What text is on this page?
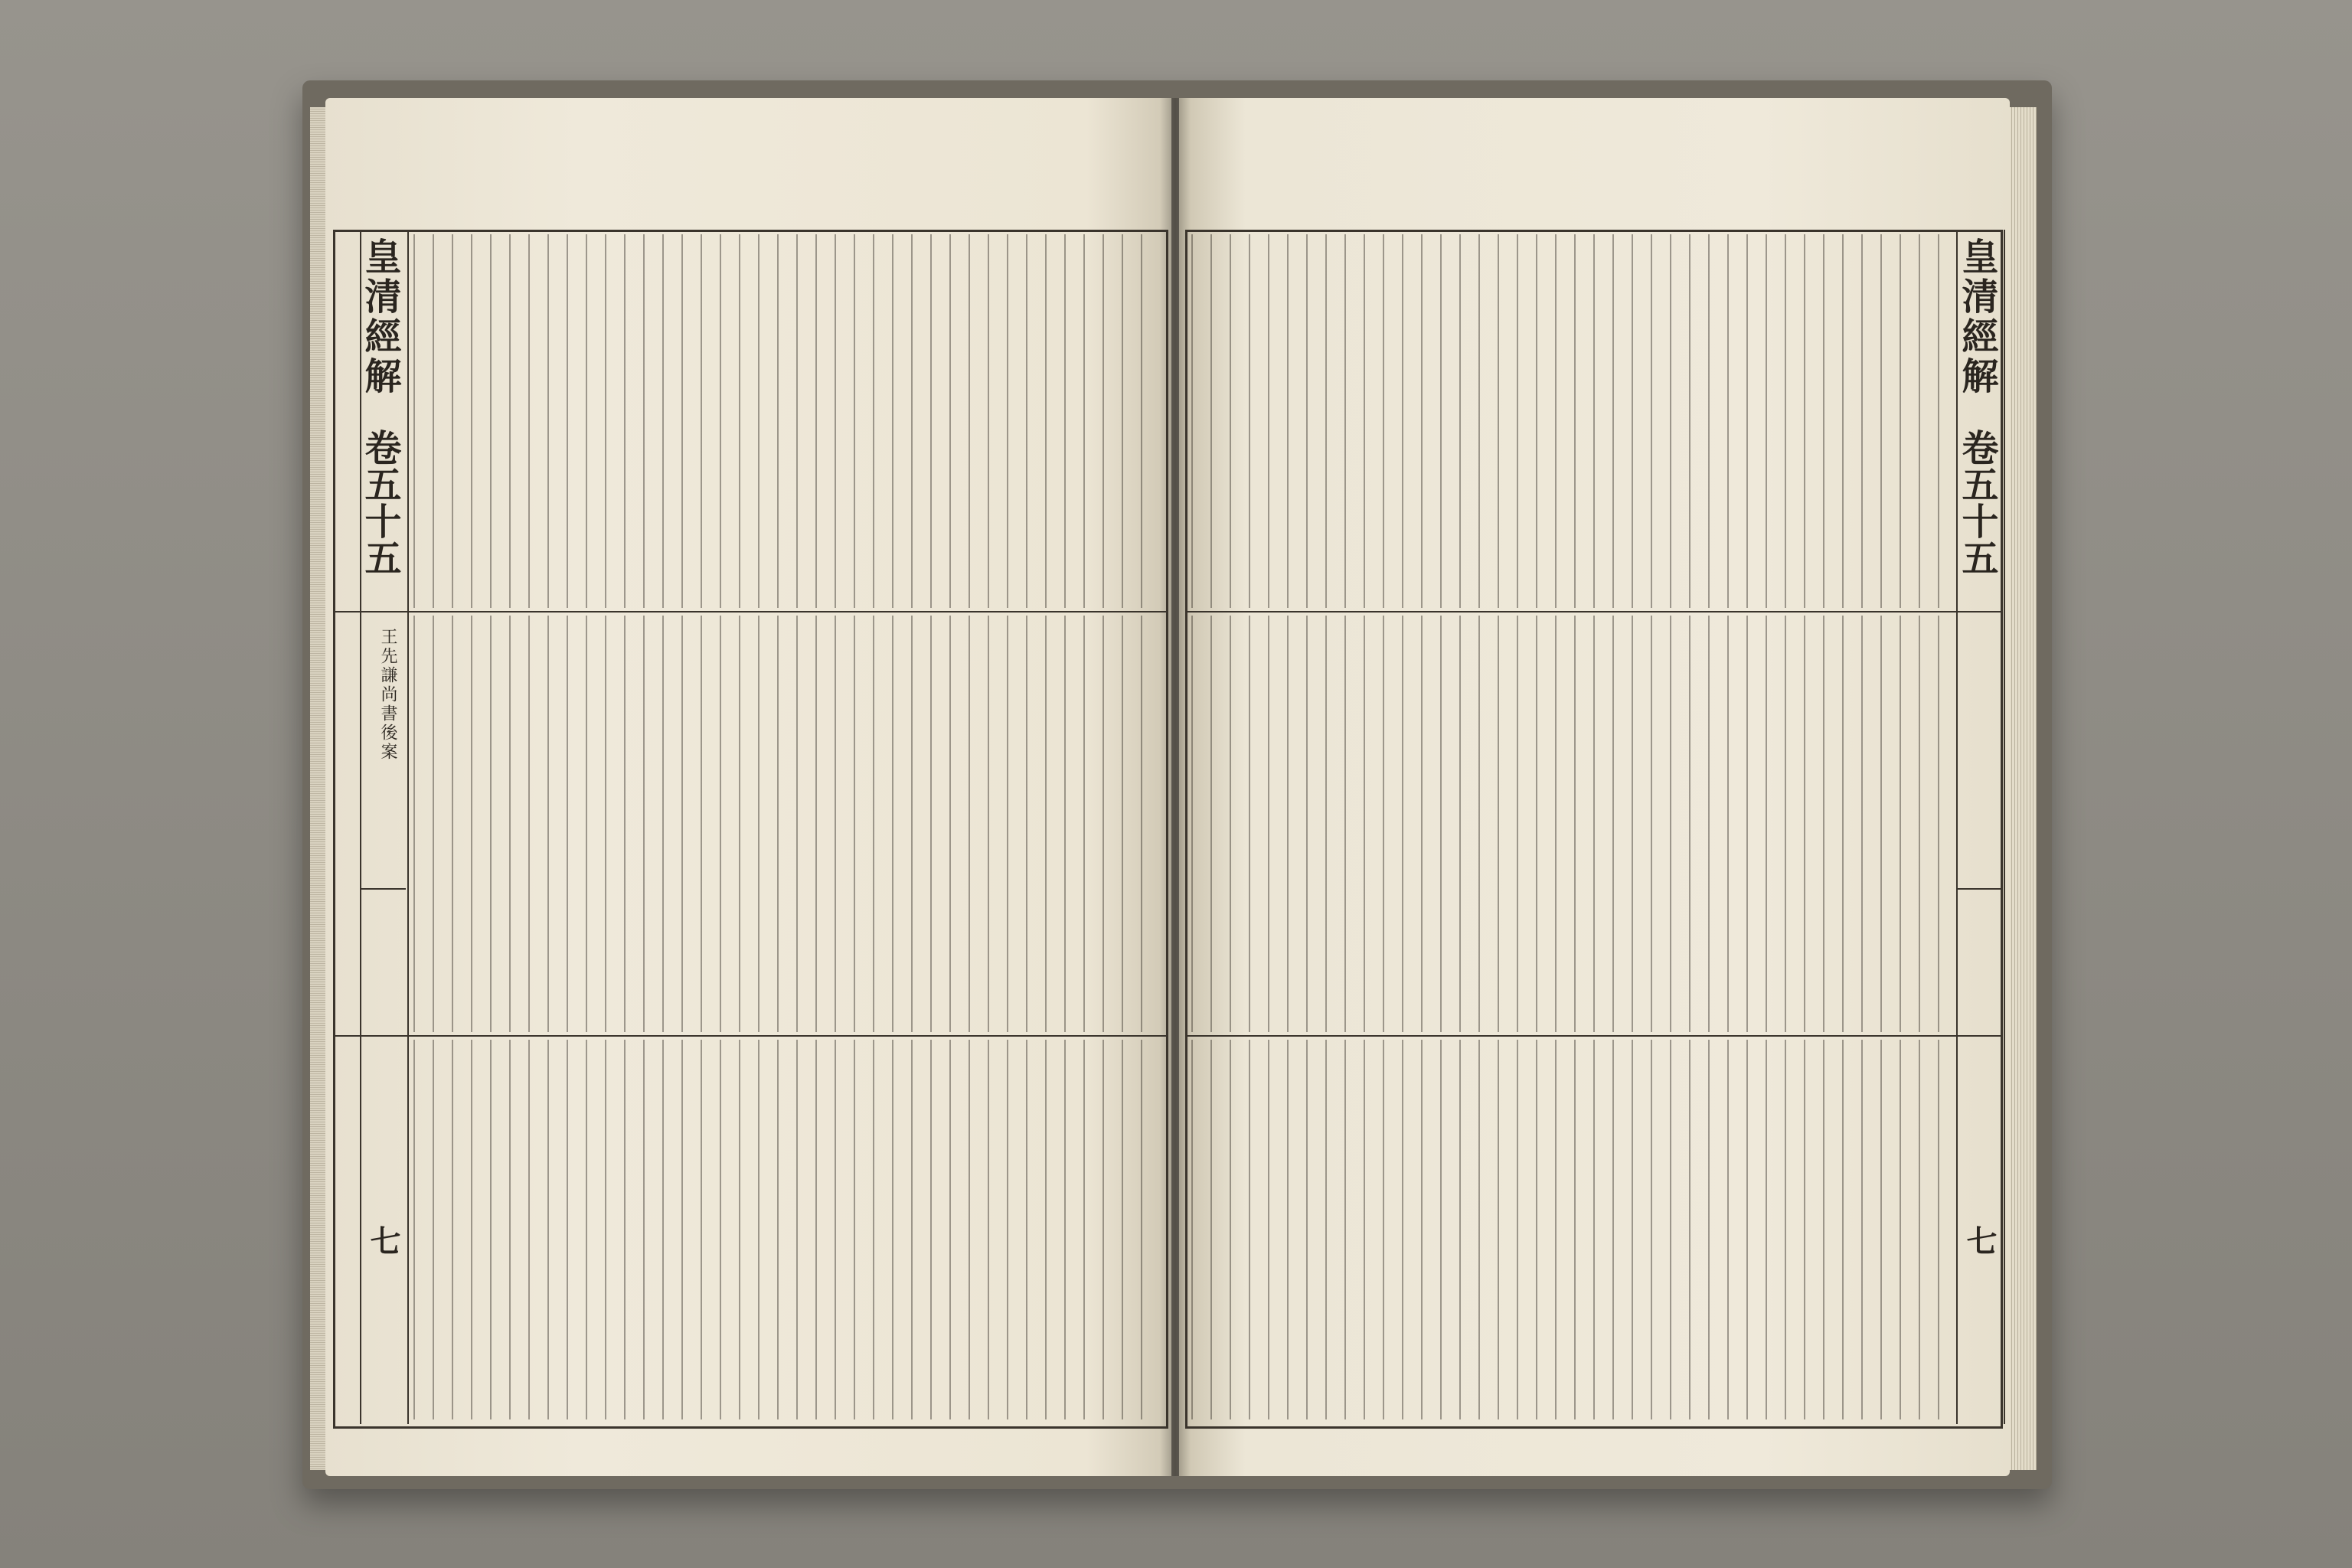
皇清經解
卷五十五
七
王先謙尚書後案
皇清經解
卷五十五
七
